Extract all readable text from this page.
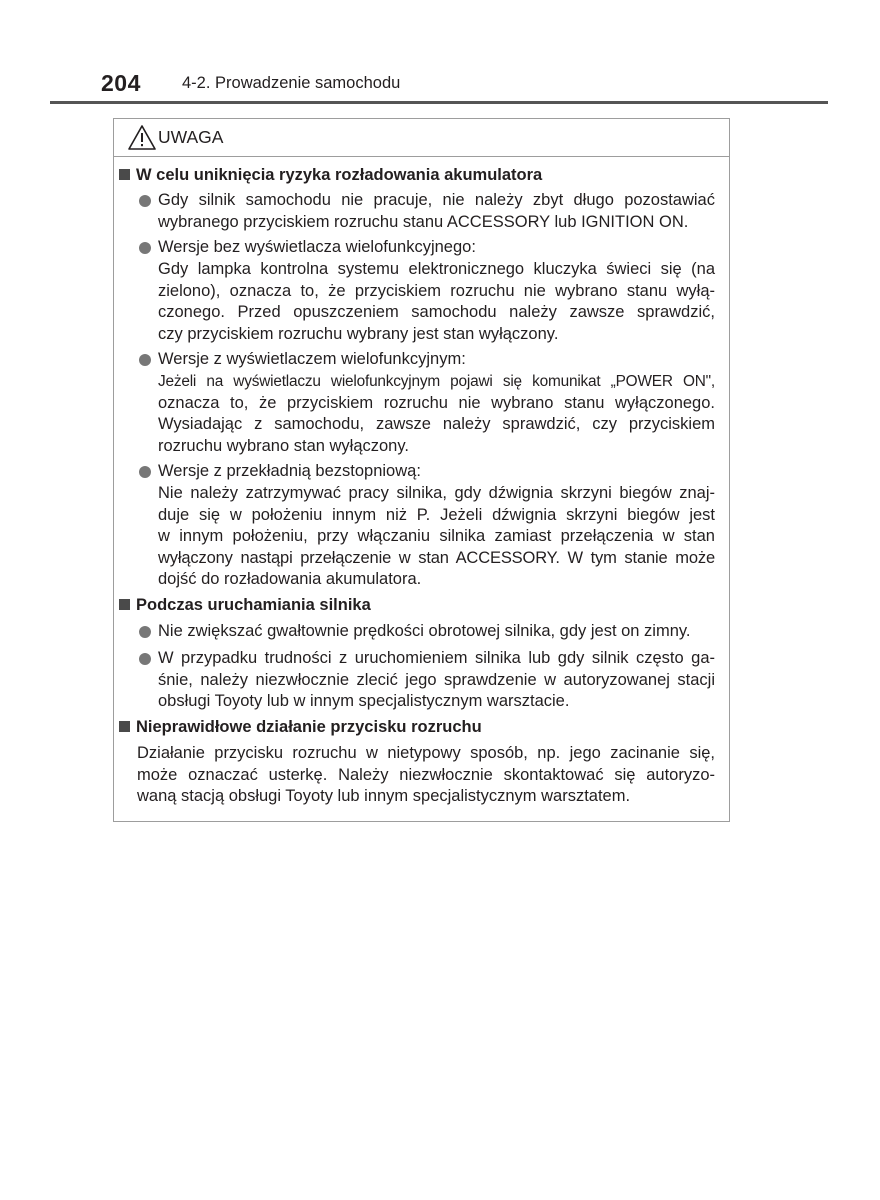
204 4-2. Prowadzenie samochodu
UWAGA
W celu uniknięcia ryzyka rozładowania akumulatora
Gdy silnik samochodu nie pracuje, nie należy zbyt długo pozostawiać
wybranego przyciskiem rozruchu stanu ACCESSORY lub IGNITION ON.
Wersje bez wyświetlacza wielofunkcyjnego:
Gdy lampka kontrolna systemu elektronicznego kluczyka świeci się (na
zielono), oznacza to, że przyciskiem rozruchu nie wybrano stanu wyłą-
czonego. Przed opuszczeniem samochodu należy zawsze sprawdzić,
czy przyciskiem rozruchu wybrany jest stan wyłączony.
Wersje z wyświetlaczem wielofunkcyjnym:
Jeżeli na wyświetlaczu wielofunkcyjnym pojawi się komunikat „POWER ON",
oznacza to, że przyciskiem rozruchu nie wybrano stanu wyłączonego.
Wysiadając z samochodu, zawsze należy sprawdzić, czy przyciskiem
rozruchu wybrano stan wyłączony.
Wersje z przekładnią bezstopniową:
Nie należy zatrzymywać pracy silnika, gdy dźwignia skrzyni biegów znaj-
duje się w położeniu innym niż P. Jeżeli dźwignia skrzyni biegów jest
w innym położeniu, przy włączaniu silnika zamiast przełączenia w stan
wyłączony nastąpi przełączenie w stan ACCESSORY. W tym stanie może
dojść do rozładowania akumulatora.
Podczas uruchamiania silnika
Nie zwiększać gwałtownie prędkości obrotowej silnika, gdy jest on zimny.
W przypadku trudności z uruchomieniem silnika lub gdy silnik często ga-
śnie, należy niezwłocznie zlecić jego sprawdzenie w autoryzowanej stacji
obsługi Toyoty lub w innym specjalistycznym warsztacie.
Nieprawidłowe działanie przycisku rozruchu
Działanie przycisku rozruchu w nietypowy sposób, np. jego zacinanie się,
może oznaczać usterkę. Należy niezwłocznie skontaktować się autoryzo-
waną stacją obsługi Toyoty lub innym specjalistycznym warsztatem.
